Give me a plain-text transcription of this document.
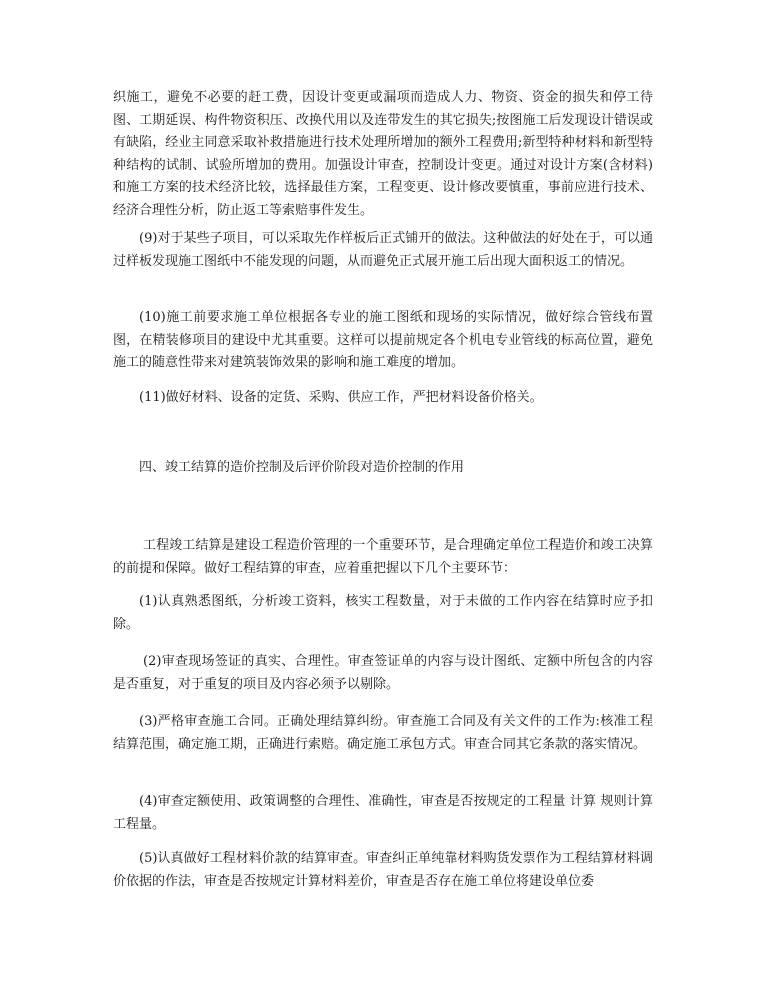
织施工，避免不必要的赶工费，因设计变更或漏项而造成人力、物资、资金的损失和停工待图、工期延误、构件物资积压、改换代用以及连带发生的其它损失;按图施工后发现设计错误或有缺陷，经业主同意采取补救措施进行技术处理所增加的额外工程费用;新型特种材料和新型特种结构的试制、试验所增加的费用。加强设计审查，控制设计变更。通过对设计方案(含材料)和施工方案的技术经济比较，选择最佳方案，工程变更、设计修改要慎重，事前应进行技术、经济合理性分析，防止返工等索赔事件发生。

(9)对于某些子项目，可以采取先作样板后正式铺开的做法。这种做法的好处在于，可以通过样板发现施工图纸中不能发现的问题，从而避免正式展开施工后出现大面积返工的情况。

(10)施工前要求施工单位根据各专业的施工图纸和现场的实际情况，做好综合管线布置图，在精装修项目的建设中尤其重要。这样可以提前规定各个机电专业管线的标高位置，避免施工的随意性带来对建筑装饰效果的影响和施工难度的增加。

(11)做好材料、设备的定货、采购、供应工作，严把材料设备价格关。

四、竣工结算的造价控制及后评价阶段对造价控制的作用

工程竣工结算是建设工程造价管理的一个重要环节，是合理确定单位工程造价和竣工决算的前提和保障。做好工程结算的审查，应着重把握以下几个主要环节：

(1)认真熟悉图纸，分析竣工资料，核实工程数量，对于未做的工作内容在结算时应予扣除。

(2)审查现场签证的真实、合理性。审查签证单的内容与设计图纸、定额中所包含的内容是否重复，对于重复的项目及内容必须予以剔除。

(3)严格审查施工合同。正确处理结算纠纷。审查施工合同及有关文件的工作为:核准工程结算范围，确定施工期，正确进行索赔。确定施工承包方式。审查合同其它条款的落实情况。

(4)审查定额使用、政策调整的合理性、准确性，审查是否按规定的工程量 计算 规则计算工程量。

(5)认真做好工程材料价款的结算审查。审查纠正单纯靠材料购货发票作为工程结算材料调价依据的作法，审查是否按规定计算材料差价，审查是否存在施工单位将建设单位委
